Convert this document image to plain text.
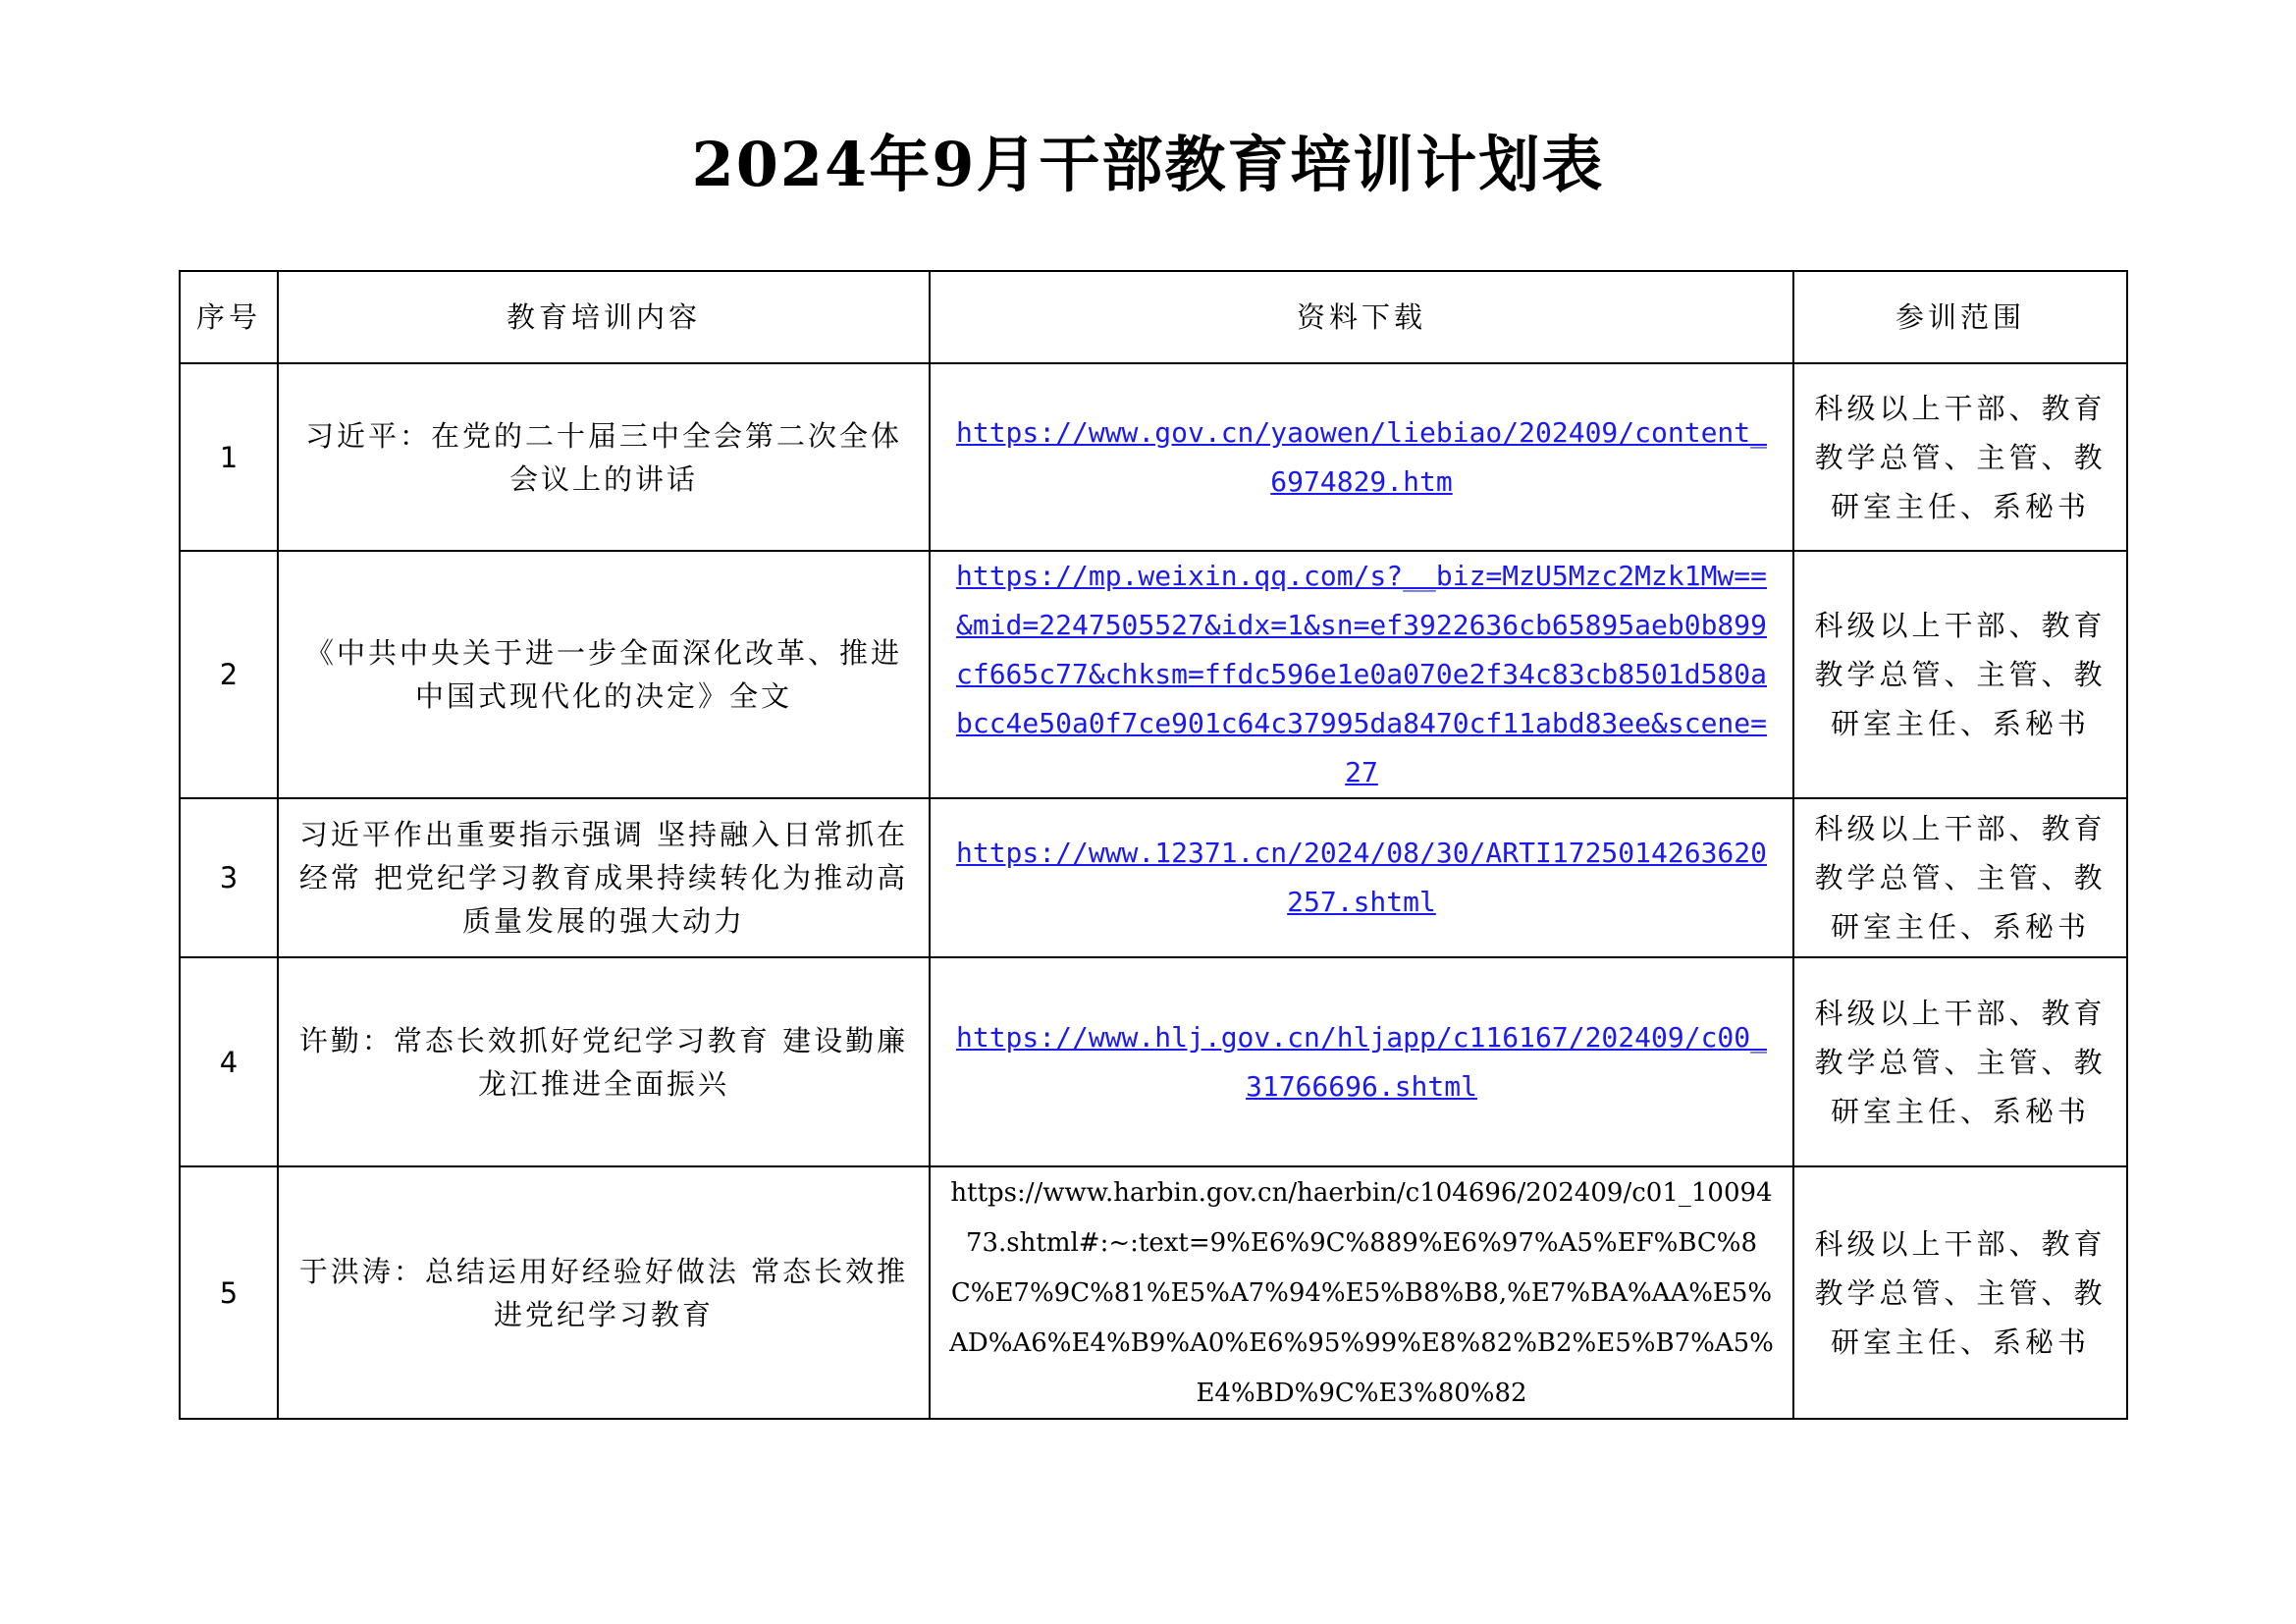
2024年9月干部教育培训计划表
序号	教育培训内容	资料下载	参训范围
1	习近平：在党的二十届三中全会第二次全体会议上的讲话	https://www.gov.cn/yaowen/liebiao/202409/content_6974829.htm	科级以上干部、教育教学总管、主管、教研室主任、系秘书
2	《中共中央关于进一步全面深化改革、推进中国式现代化的决定》全文	https://mp.weixin.qq.com/s?__biz=MzU5Mzc2Mzk1Mw==&mid=2247505527&idx=1&sn=ef3922636cb65895aeb0b899cf665c77&chksm=ffdc596e1e0a070e2f34c83cb8501d580abcc4e50a0f7ce901c64c37995da8470cf11abd83ee&scene=27	科级以上干部、教育教学总管、主管、教研室主任、系秘书
3	习近平作出重要指示强调 坚持融入日常抓在经常 把党纪学习教育成果持续转化为推动高质量发展的强大动力	https://www.12371.cn/2024/08/30/ARTI1725014263620257.shtml	科级以上干部、教育教学总管、主管、教研室主任、系秘书
4	许勤：常态长效抓好党纪学习教育 建设勤廉龙江推进全面振兴	https://www.hlj.gov.cn/hljapp/c116167/202409/c00_31766696.shtml	科级以上干部、教育教学总管、主管、教研室主任、系秘书
5	于洪涛：总结运用好经验好做法 常态长效推进党纪学习教育	https://www.harbin.gov.cn/haerbin/c104696/202409/c01_1009473.shtml#:~:text=9%E6%9C%889%E6%97%A5%EF%BC%8C%E7%9C%81%E5%A7%94%E5%B8%B8,%E7%BA%AA%E5%AD%A6%E4%B9%A0%E6%95%99%E8%82%B2%E5%B7%A5%E4%BD%9C%E3%80%82	科级以上干部、教育教学总管、主管、教研室主任、系秘书
